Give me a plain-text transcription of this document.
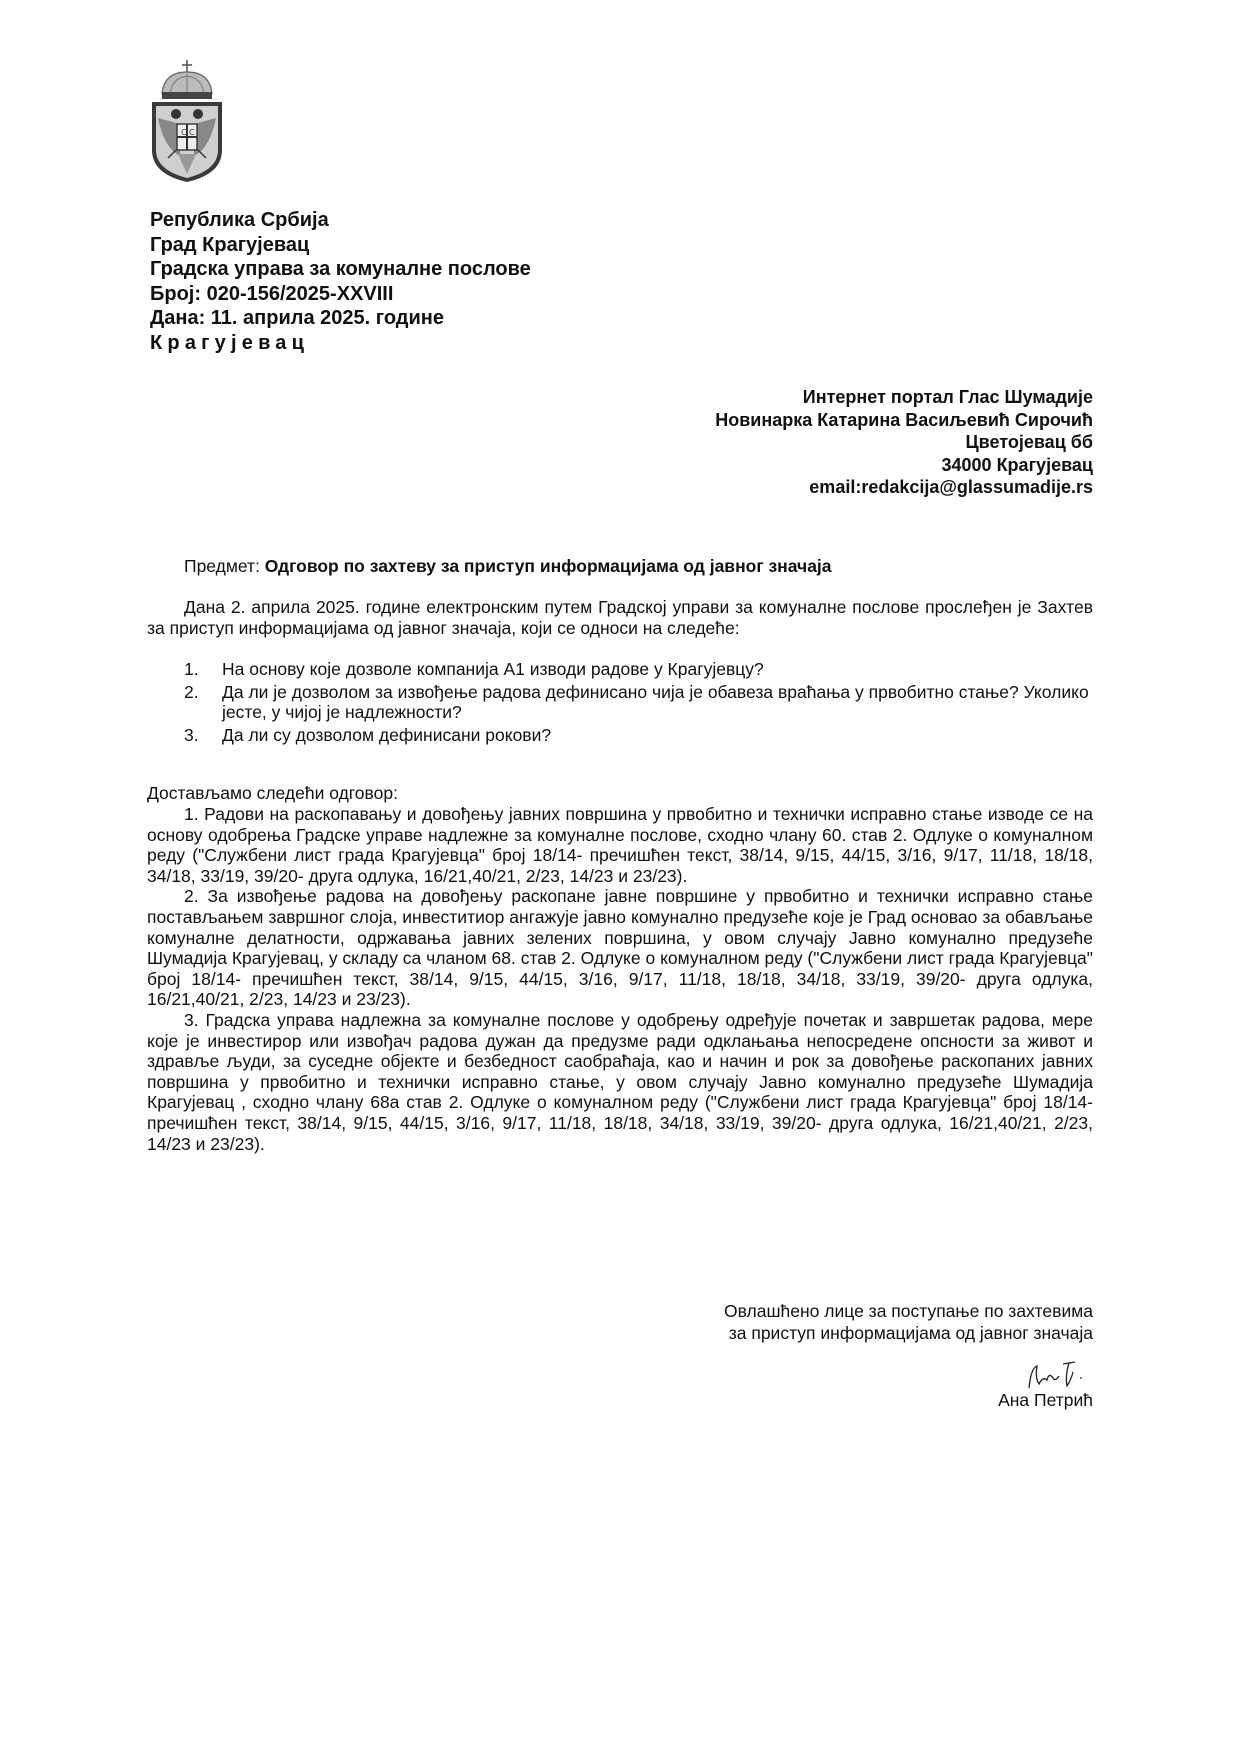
С С
Република Србија
Град Крагујевац
Градска управа за комуналне послове
Број: 020-156/2025-XXVIII
Дана: 11. априла 2025. године
Крагујевац
Интернет портал Глас Шумадије
Новинарка Катарина Васиљевић Сирочић
Цветојевац бб
34000 Крагујевац
email:redakcija@glassumadije.rs
Предмет: Одговор по захтеву за приступ информацијама од јавног значаја

Дана 2. априла 2025. године електронским путем Градској управи за комуналне послове прослеђен је Захтев за приступ информацијама од јавног значаја, који се односи на следеће:

1.	На основу које дозволе компанија А1 изводи радове у Крагујевцу?
2.	Да ли је дозволом за извођење радова дефинисано чија је обавеза враћања у првобитно стање? Уколико јесте, у чијој је надлежности?
3.	Да ли су дозволом дефинисани рокови?
Достављамо следећи одговор:

1. Радови на раскопавању и довођењу јавних површина у првобитно и технички исправно стање изводе се на основу одобрења Градске управе надлежне за комуналне послове, сходно члану 60. став 2. Одлуке о комуналном реду ("Службени лист града Крагујевца" број 18/14- пречишћен текст, 38/14, 9/15, 44/15, 3/16, 9/17, 11/18, 18/18, 34/18, 33/19, 39/20- друга одлука, 16/21,40/21, 2/23, 14/23 и 23/23).

2. За извођење радова на довођењу раскопане јавне површине у првобитно и технички исправно стање постављањем завршног слоја, инвеститиор ангажује јавно комунално предузеће које је Град основао за обављање комуналне делатности, одржавања јавних зелених површина, у овом случају Јавно комунално предузеће Шумадија Крагујевац, у складу са чланом 68. став 2. Одлуке о комуналном реду ("Службени лист града Крагујевца" број 18/14- пречишћен текст, 38/14, 9/15, 44/15, 3/16, 9/17, 11/18, 18/18, 34/18, 33/19, 39/20- друга одлука, 16/21,40/21, 2/23, 14/23 и 23/23).

3. Градска управа надлежна за комуналне послове у одобрењу одређује почетак и завршетак радова, мере које је инвестирор или извођач радова дужан да предузме ради одклањања непосредене опсности за живот и здравље људи, за суседне објекте и безбедност саобраћаја, као и начин и рок за довођење раскопаних јавних површина у првобитно и технички исправно стање, у овом случају Јавно комунално предузеће Шумадија Крагујевац , сходно члану 68а став 2. Одлуке о комуналном реду ("Службени лист града Крагујевца" број 18/14- пречишћен текст, 38/14, 9/15, 44/15, 3/16, 9/17, 11/18, 18/18, 34/18, 33/19, 39/20- друга одлука, 16/21,40/21, 2/23, 14/23 и 23/23).

Овлашћено лице за поступање по захтевима
за приступ информацијама од јавног значаја
Ана Петрић
